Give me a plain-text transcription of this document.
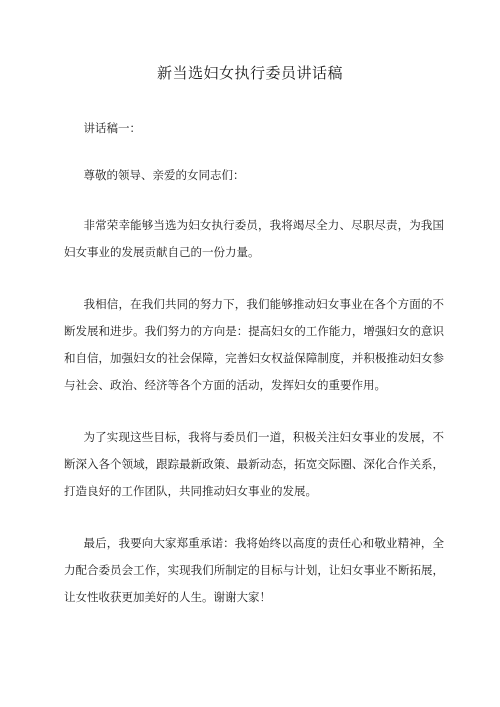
新当选妇女执行委员讲话稿

讲话稿一：

尊敬的领导、亲爱的女同志们：

非常荣幸能够当选为妇女执行委员，我将竭尽全力、尽职尽责，为我国妇女事业的发展贡献自己的一份力量。

我相信，在我们共同的努力下，我们能够推动妇女事业在各个方面的不断发展和进步。我们努力的方向是：提高妇女的工作能力，增强妇女的意识和自信，加强妇女的社会保障，完善妇女权益保障制度，并积极推动妇女参与社会、政治、经济等各个方面的活动，发挥妇女的重要作用。

为了实现这些目标，我将与委员们一道，积极关注妇女事业的发展，不断深入各个领域，跟踪最新政策、最新动态，拓宽交际圈、深化合作关系，打造良好的工作团队，共同推动妇女事业的发展。

最后，我要向大家郑重承诺：我将始终以高度的责任心和敬业精神，全力配合委员会工作，实现我们所制定的目标与计划，让妇女事业不断拓展，让女性收获更加美好的人生。谢谢大家！
